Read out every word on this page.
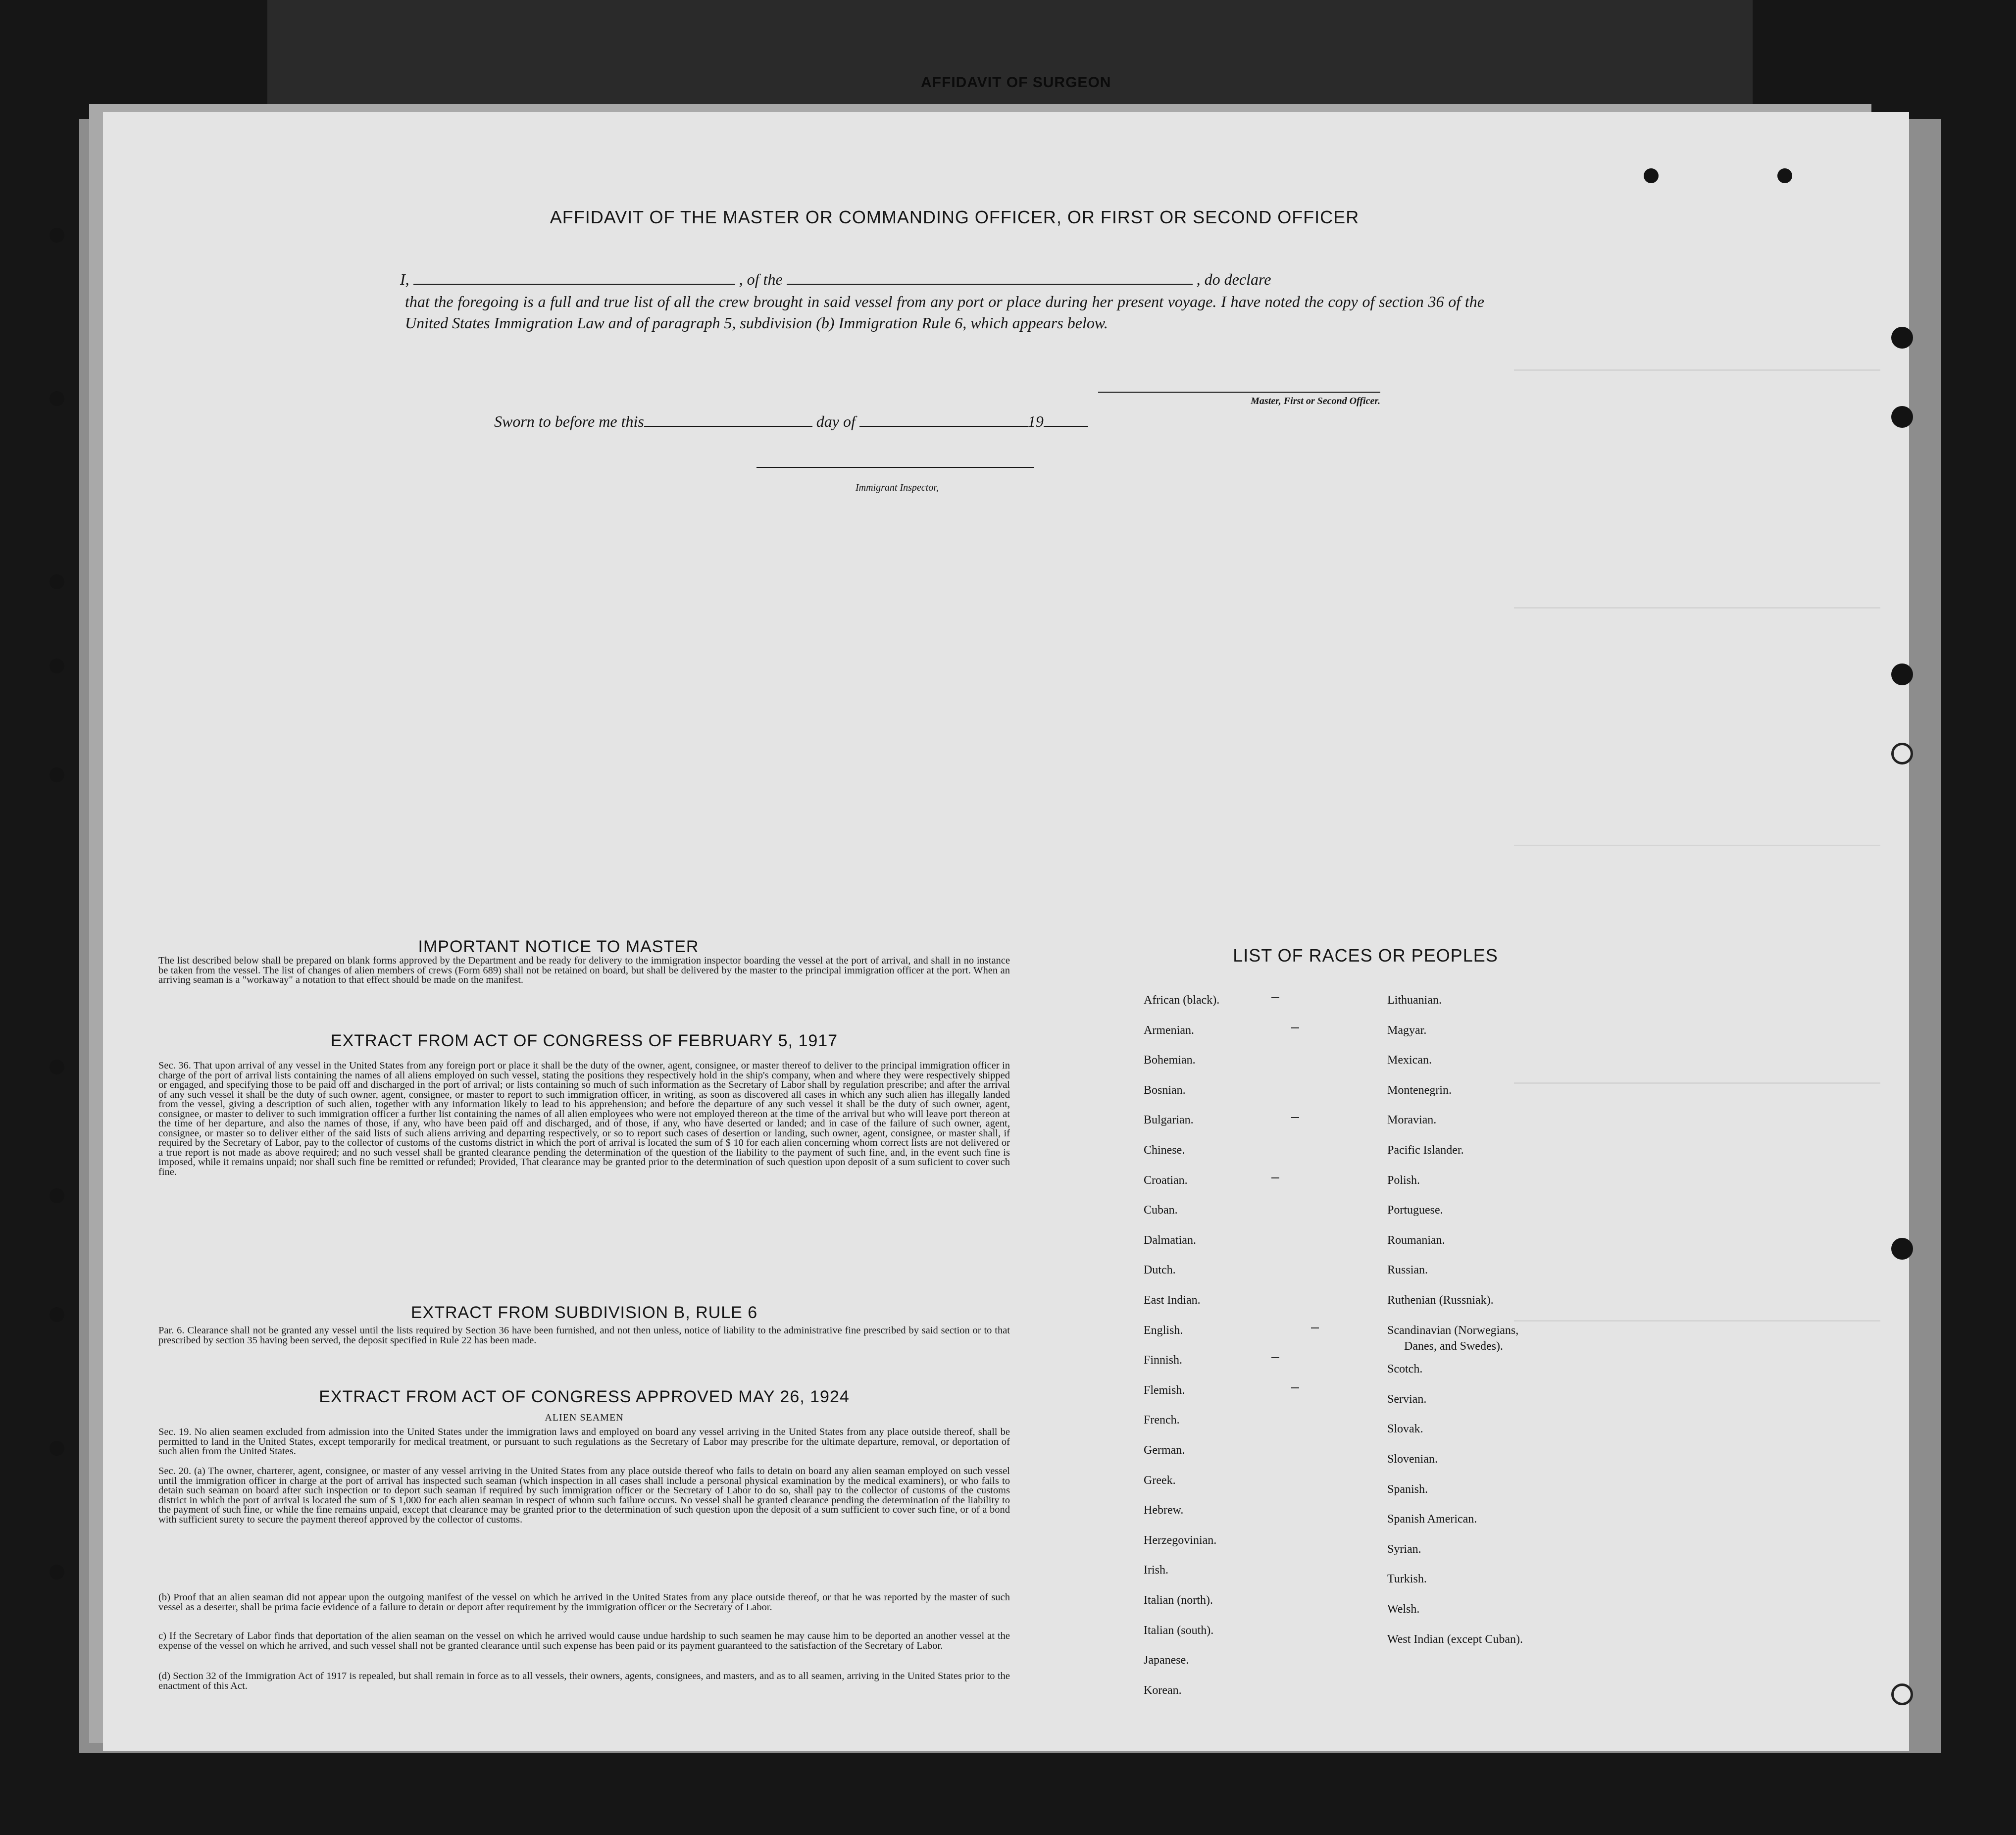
AFFIDAVIT OF SURGEON
AFFIDAVIT OF THE MASTER OR COMMANDING OFFICER, OR FIRST OR SECOND OFFICER
I,	, of the	, do declare
that the foregoing is a full and true list of all the crew brought in said vessel from any port or place during her present voyage. I have noted the copy of section 36 of the United States Immigration Law and of paragraph 5, subdivision (b) Immigration Rule 6, which appears below.
Master, First or Second Officer.
Sworn to before me this	day of	19
Immigrant Inspector,
IMPORTANT NOTICE TO MASTER
The list described below shall be prepared on blank forms approved by the Department and be ready for delivery to the immigration inspector boarding the vessel at the port of arrival, and shall in no instance be taken from the vessel. The list of changes of alien members of crews (Form 689) shall not be retained on board, but shall be delivered by the master to the principal immigration officer at the port. When an arriving seaman is a "workaway" a notation to that effect should be made on the manifest.
EXTRACT FROM ACT OF CONGRESS OF FEBRUARY 5, 1917
Sec. 36. That upon arrival of any vessel in the United States from any foreign port or place it shall be the duty of the owner, agent, consignee, or master thereof to deliver to the principal immigration officer in charge of the port of arrival lists containing the names of all aliens employed on such vessel, stating the positions they respectively hold in the ship's company, when and where they were respectively shipped or engaged, and specifying those to be paid off and discharged in the port of arrival; or lists containing so much of such information as the Secretary of Labor shall by regulation prescribe; and after the arrival of any such vessel it shall be the duty of such owner, agent, consignee, or master to report to such immigration officer, in writing, as soon as discovered all cases in which any such alien has illegally landed from the vessel, giving a description of such alien, together with any information likely to lead to his apprehension; and before the departure of any such vessel it shall be the duty of such owner, agent, consignee, or master to deliver to such immigration officer a further list containing the names of all alien employees who were not employed thereon at the time of the arrival but who will leave port thereon at the time of her departure, and also the names of those, if any, who have been paid off and discharged, and of those, if any, who have deserted or landed; and in case of the failure of such owner, agent, consignee, or master so to deliver either of the said lists of such aliens arriving and departing respectively, or so to report such cases of desertion or landing, such owner, agent, consignee, or master shall, if required by the Secretary of Labor, pay to the collector of customs of the customs district in which the port of arrival is located the sum of $ 10 for each alien concerning whom correct lists are not delivered or a true report is not made as above required; and no such vessel shall be granted clearance pending the determination of the question of the liability to the payment of such fine, and, in the event such fine is imposed, while it remains unpaid; nor shall such fine be remitted or refunded; Provided, That clearance may be granted prior to the determination of such question upon deposit of a sum suficient to cover such fine.
EXTRACT FROM SUBDIVISION B, RULE 6
Par. 6. Clearance shall not be granted any vessel until the lists required by Section 36 have been furnished, and not then unless, notice of liability to the administrative fine prescribed by said section or to that prescribed by section 35 having been served, the deposit specified in Rule 22 has been made.
EXTRACT FROM ACT OF CONGRESS APPROVED MAY 26, 1924
ALIEN SEAMEN
Sec. 19. No alien seamen excluded from admission into the United States under the immigration laws and employed on board any vessel arriving in the United States from any place outside thereof, shall be permitted to land in the United States, except temporarily for medical treatment, or pursuant to such regulations as the Secretary of Labor may prescribe for the ultimate departure, removal, or deportation of such alien from the United States.
Sec. 20. (a) The owner, charterer, agent, consignee, or master of any vessel arriving in the United States from any place outside thereof who fails to detain on board any alien seaman employed on such vessel until the immigration officer in charge at the port of arrival has inspected such seaman (which inspection in all cases shall include a personal physical examination by the medical examiners), or who fails to detain such seaman on board after such inspection or to deport such seaman if required by such immigration officer or the Secretary of Labor to do so, shall pay to the collector of customs of the customs district in which the port of arrival is located the sum of $ 1,000 for each alien seaman in respect of whom such failure occurs. No vessel shall be granted clearance pending the determination of the liability to the payment of such fine, or while the fine remains unpaid, except that clearance may be granted prior to the determination of such question upon the deposit of a sum sufficient to cover such fine, or of a bond with sufficient surety to secure the payment thereof approved by the collector of customs.
(b) Proof that an alien seaman did not appear upon the outgoing manifest of the vessel on which he arrived in the United States from any place outside thereof, or that he was reported by the master of such vessel as a deserter, shall be prima facie evidence of a failure to detain or deport after requirement by the immigration officer or the Secretary of Labor.
c) If the Secretary of Labor finds that deportation of the alien seaman on the vessel on which he arrived would cause undue hardship to such seamen he may cause him to be deported an another vessel at the expense of the vessel on which he arrived, and such vessel shall not be granted clearance until such expense has been paid or its payment guaranteed to the satisfaction of the Secretary of Labor.
(d) Section 32 of the Immigration Act of 1917 is repealed, but shall remain in force as to all vessels, their owners, agents, consignees, and masters, and as to all seamen, arriving in the United States prior to the enactment of this Act.
LIST OF RACES OR PEOPLES
African (black).
Armenian.
Bohemian.
Bosnian.
Bulgarian.
Chinese.
Croatian.
Cuban.
Dalmatian.
Dutch.
East Indian.
English.
Finnish.
Flemish.
French.
German.
Greek.
Hebrew.
Herzegovinian.
Irish.
Italian (north).
Italian (south).
Japanese.
Korean.
Lithuanian.
Magyar.
Mexican.
Montenegrin.
Moravian.
Pacific Islander.
Polish.
Portuguese.
Roumanian.
Russian.
Ruthenian (Russniak).
Scandinavian (Norwegians,
Danes, and Swedes).
Scotch.
Servian.
Slovak.
Slovenian.
Spanish.
Spanish American.
Syrian.
Turkish.
Welsh.
West Indian (except Cuban).
